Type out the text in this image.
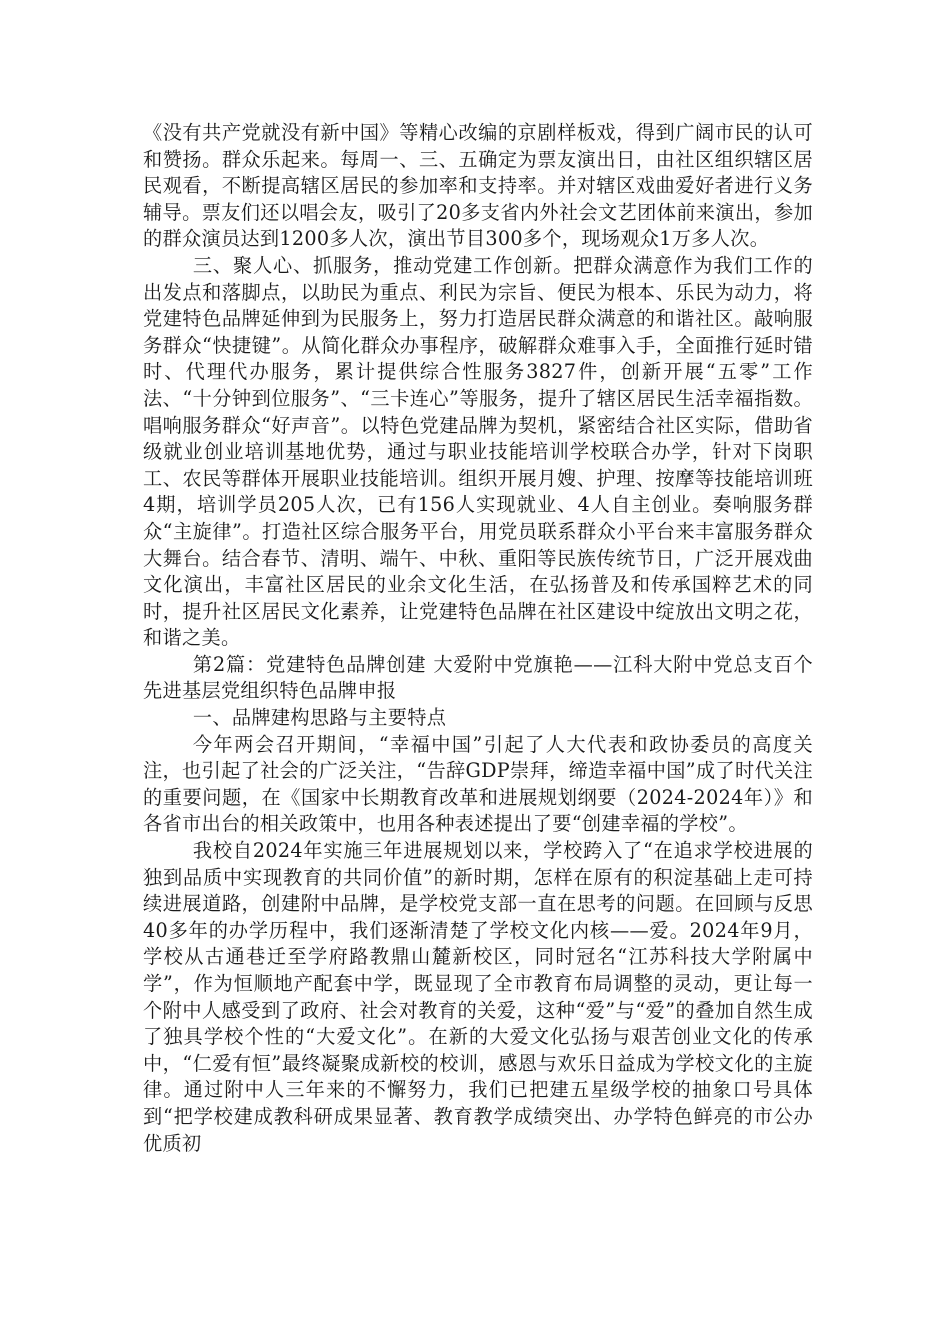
《没有共产党就没有新中国》等精心改编的京剧样板戏，得到广阔市民的认可和赞扬。群众乐起来。每周一、三、五确定为票友演出日，由社区组织辖区居民观看，不断提高辖区居民的参加率和支持率。并对辖区戏曲爱好者进行义务辅导。票友们还以唱会友，吸引了20多支省内外社会文艺团体前来演出，参加的群众演员达到1200多人次，演出节目300多个，现场观众1万多人次。

三、聚人心、抓服务，推动党建工作创新。把群众满意作为我们工作的出发点和落脚点，以助民为重点、利民为宗旨、便民为根本、乐民为动力，将党建特色品牌延伸到为民服务上，努力打造居民群众满意的和谐社区。敲响服务群众“快捷键”。从简化群众办事程序，破解群众难事入手，全面推行延时错时、代理代办服务，累计提供综合性服务3827件，创新开展“五零”工作法、“十分钟到位服务”、“三卡连心”等服务，提升了辖区居民生活幸福指数。唱响服务群众“好声音”。以特色党建品牌为契机，紧密结合社区实际，借助省级就业创业培训基地优势，通过与职业技能培训学校联合办学，针对下岗职工、农民等群体开展职业技能培训。组织开展月嫂、护理、按摩等技能培训班4期，培训学员205人次，已有156人实现就业、4人自主创业。奏响服务群众“主旋律”。打造社区综合服务平台，用党员联系群众小平台来丰富服务群众大舞台。结合春节、清明、端午、中秋、重阳等民族传统节日，广泛开展戏曲文化演出，丰富社区居民的业余文化生活，在弘扬普及和传承国粹艺术的同时，提升社区居民文化素养，让党建特色品牌在社区建设中绽放出文明之花，和谐之美。

第2篇：党建特色品牌创建 大爱附中党旗艳——江科大附中党总支百个先进基层党组织特色品牌申报

一、品牌建构思路与主要特点

今年两会召开期间，“幸福中国”引起了人大代表和政协委员的高度关注，也引起了社会的广泛关注，“告辞GDP崇拜，缔造幸福中国”成了时代关注的重要问题，在《国家中长期教育改革和进展规划纲要（2024-2024年）》和各省市出台的相关政策中，也用各种表述提出了要“创建幸福的学校”。

我校自2024年实施三年进展规划以来，学校跨入了“在追求学校进展的独到品质中实现教育的共同价值”的新时期，怎样在原有的积淀基础上走可持续进展道路，创建附中品牌，是学校党支部一直在思考的问题。在回顾与反思40多年的办学历程中，我们逐渐清楚了学校文化内核——爱。2024年9月，学校从古通巷迁至学府路教鼎山麓新校区，同时冠名“江苏科技大学附属中学”，作为恒顺地产配套中学，既显现了全市教育布局调整的灵动，更让每一个附中人感受到了政府、社会对教育的关爱，这种“爱”与“爱”的叠加自然生成了独具学校个性的“大爱文化”。在新的大爱文化弘扬与艰苦创业文化的传承中，“仁爱有恒”最终凝聚成新校的校训，感恩与欢乐日益成为学校文化的主旋律。通过附中人三年来的不懈努力，我们已把建五星级学校的抽象口号具体到“把学校建成教科研成果显著、教育教学成绩突出、办学特色鲜亮的市公办优质初
